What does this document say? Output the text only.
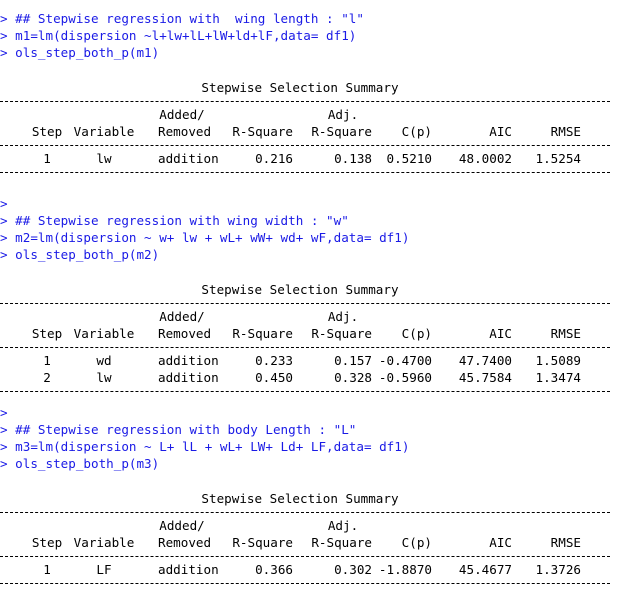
> ## Stepwise regression with  wing length : "l"
> m1=lm(dispersion ~l+lw+lL+lW+ld+lF,data= df1)
> ols_step_both_p(m1)
Stepwise Selection Summary
Added/	Adj.
Step Variable	Removed	R-Square	R-Square	C(p)	AIC	RMSE
1	lw	addition	0.216	0.138	0.5210	48.0002	1.5254
>
> ## Stepwise regression with wing width : "w"
> m2=lm(dispersion ~ w+ lw + wL+ wW+ wd+ wF,data= df1)
> ols_step_both_p(m2)
Stepwise Selection Summary
Added/	Adj.
Step Variable	Removed	R-Square	R-Square	C(p)	AIC	RMSE
1	wd	addition	0.233	0.157 -0.4700	47.7400	1.5089
2	lw	addition	0.450	0.328 -0.5960	45.7584	1.3474
>
> ## Stepwise regression with body Length : "L"
> m3=lm(dispersion ~ L+ lL + wL+ LW+ Ld+ LF,data= df1)
> ols_step_both_p(m3)
Stepwise Selection Summary
Added/	Adj.
Step Variable	Removed	R-Square	R-Square	C(p)	AIC	RMSE
1	LF	addition	0.366	0.302 -1.8870	45.4677	1.3726
